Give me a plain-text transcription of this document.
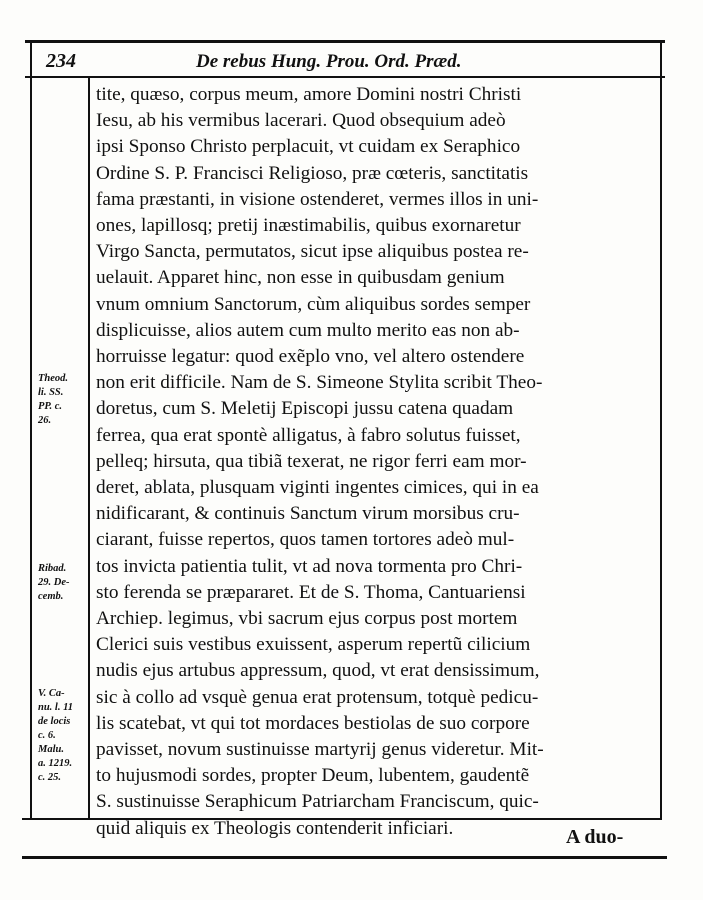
234	De rebus Hung. Prou. Ord. Præd.
tite, quæso, corpus meum, amore Domini nostri Christi
Iesu, ab his vermibus lacerari. Quod obsequium adeò
ipsi Sponso Christo perplacuit, vt cuidam ex Seraphico
Ordine S. P. Francisci Religioso, præ cœteris, sanctitatis
fama præstanti, in visione ostenderet, vermes illos in uni-
ones, lapillosq; pretij inæstimabilis, quibus exornaretur
Virgo Sancta, permutatos, sicut ipse aliquibus postea re-
uelauit. Apparet hinc, non esse in quibusdam genium
vnum omnium Sanctorum, cùm aliquibus sordes semper
displicuisse, alios autem cum multo merito eas non ab-
horruisse legatur: quod exẽplo vno, vel altero ostendere
non erit difficile. Nam de S. Simeone Stylita scribit Theo-
doretus, cum S. Meletij Episcopi jussu catena quadam
ferrea, qua erat spontè alligatus, à fabro solutus fuisset,
pelleq; hirsuta, qua tibiã texerat, ne rigor ferri eam mor-
deret, ablata, plusquam viginti ingentes cimices, qui in ea
nidificarant, & continuis Sanctum virum morsibus cru-
ciarant, fuisse repertos, quos tamen tortores adeò mul-
tos invicta patientia tulit, vt ad nova tormenta pro Chri-
sto ferenda se præpararet. Et de S. Thoma, Cantuariensi
Archiep. legimus, vbi sacrum ejus corpus post mortem
Clerici suis vestibus exuissent, asperum repertũ cilicium
nudis ejus artubus appressum, quod, vt erat densissimum,
sic à collo ad vsquè genua erat protensum, totquè pedicu-
lis scatebat, vt qui tot mordaces bestiolas de suo corpore
pavisset, novum sustinuisse martyrij genus videretur. Mit-
to hujusmodi sordes, propter Deum, lubentem, gaudentẽ
S. sustinuisse Seraphicum Patriarcham Franciscum, quic-
quid aliquis ex Theologis contenderit inficiari.
Theod.
li. SS.
PP. c.
26.
Ribad.
29. De-
cemb.
V. Ca-
nu. l. 11
de locis
c. 6.
Malu.
a. 1219.
c. 25.
A duo-
